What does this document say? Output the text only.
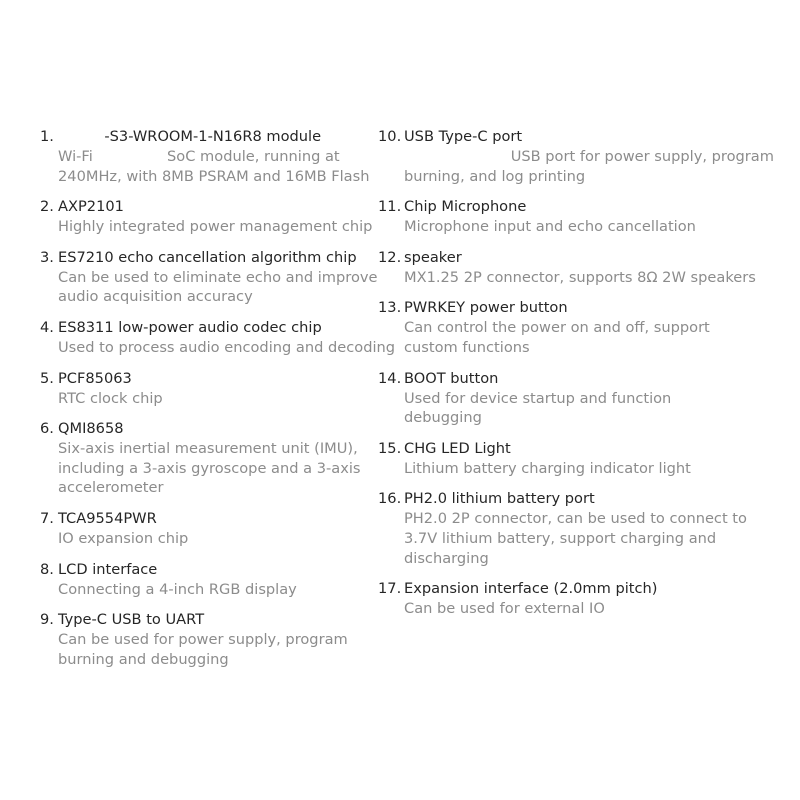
1. -S3-WROOM-1-N16R8 module
Wi-Fi                SoC module, running at
240MHz, with 8MB PSRAM and 16MB Flash
2. AXP2101
Highly integrated power management chip
3. ES7210 echo cancellation algorithm chip
Can be used to eliminate echo and improve
audio acquisition accuracy
4. ES8311 low-power audio codec chip
Used to process audio encoding and decoding
5. PCF85063
RTC clock chip
6. QMI8658
Six-axis inertial measurement unit (IMU),
including a 3-axis gyroscope and a 3-axis
accelerometer
7. TCA9554PWR
IO expansion chip
8. LCD interface
Connecting a 4-inch RGB display
9. Type-C USB to UART
Can be used for power supply, program
burning and debugging
10. USB Type-C port
USB port for power supply, program
burning, and log printing
11. Chip Microphone
Microphone input and echo cancellation
12. speaker
MX1.25 2P connector, supports 8Ω 2W speakers
13. PWRKEY power button
Can control the power on and off, support
custom functions
14. BOOT button
Used for device startup and function
debugging
15. CHG LED Light
Lithium battery charging indicator light
16. PH2.0 lithium battery port
PH2.0 2P connector, can be used to connect to
3.7V lithium battery, support charging and
discharging
17. Expansion interface (2.0mm pitch)
Can be used for external IO
